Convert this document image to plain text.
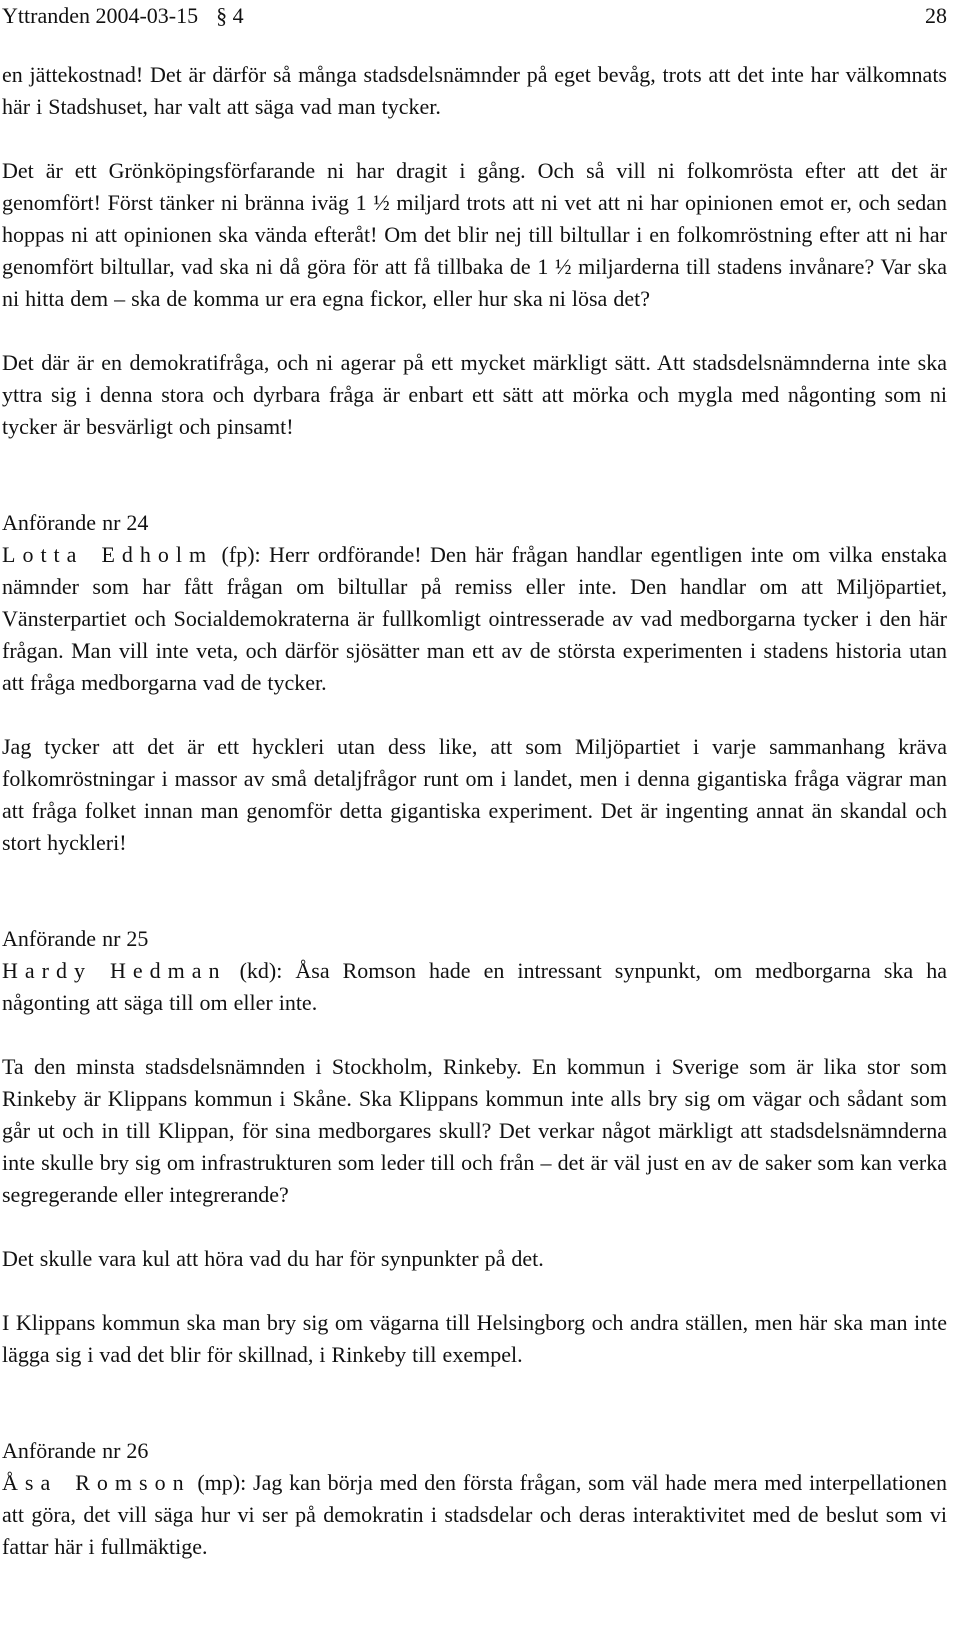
Yttranden 2004-03-15 § 4	28

en jättekostnad! Det är därför så många stadsdelsnämnder på eget bevåg, trots att det inte har välkomnats här i Stadshuset, har valt att säga vad man tycker.

Det är ett Grönköpingsförfarande ni har dragit i gång. Och så vill ni folkomrösta efter att det är genomfört! Först tänker ni bränna iväg 1 ½ miljard trots att ni vet att ni har opinionen emot er, och sedan hoppas ni att opinionen ska vända efteråt! Om det blir nej till biltullar i en folkomröstning efter att ni har genomfört biltullar, vad ska ni då göra för att få tillbaka de 1 ½ miljarderna till stadens invånare? Var ska ni hitta dem – ska de komma ur era egna fickor, eller hur ska ni lösa det?

Det där är en demokratifråga, och ni agerar på ett mycket märkligt sätt. Att stadsdelsnämnderna inte ska yttra sig i denna stora och dyrbara fråga är enbart ett sätt att mörka och mygla med någonting som ni tycker är besvärligt och pinsamt!

Anförande nr 24

Lotta Edholm (fp): Herr ordförande! Den här frågan handlar egentligen inte om vilka enstaka nämnder som har fått frågan om biltullar på remiss eller inte. Den handlar om att Miljöpartiet, Vänsterpartiet och Socialdemokraterna är fullkomligt ointresserade av vad medborgarna tycker i den här frågan. Man vill inte veta, och därför sjösätter man ett av de största experimenten i stadens historia utan att fråga medborgarna vad de tycker.

Jag tycker att det är ett hyckleri utan dess like, att som Miljöpartiet i varje sammanhang kräva folkomröstningar i massor av små detaljfrågor runt om i landet, men i denna gigantiska fråga vägrar man att fråga folket innan man genomför detta gigantiska experiment. Det är ingenting annat än skandal och stort hyckleri!

Anförande nr 25

Hardy Hedman (kd): Åsa Romson hade en intressant synpunkt, om medborgarna ska ha någonting att säga till om eller inte.

Ta den minsta stadsdelsnämnden i Stockholm, Rinkeby. En kommun i Sverige som är lika stor som Rinkeby är Klippans kommun i Skåne. Ska Klippans kommun inte alls bry sig om vägar och sådant som går ut och in till Klippan, för sina medborgares skull? Det verkar något märkligt att stadsdelsnämnderna inte skulle bry sig om infrastrukturen som leder till och från – det är väl just en av de saker som kan verka segregerande eller integrerande?

Det skulle vara kul att höra vad du har för synpunkter på det.

I Klippans kommun ska man bry sig om vägarna till Helsingborg och andra ställen, men här ska man inte lägga sig i vad det blir för skillnad, i Rinkeby till exempel.

Anförande nr 26

Åsa Romson (mp): Jag kan börja med den första frågan, som väl hade mera med interpellationen att göra, det vill säga hur vi ser på demokratin i stadsdelar och deras interaktivitet med de beslut som vi fattar här i fullmäktige.
